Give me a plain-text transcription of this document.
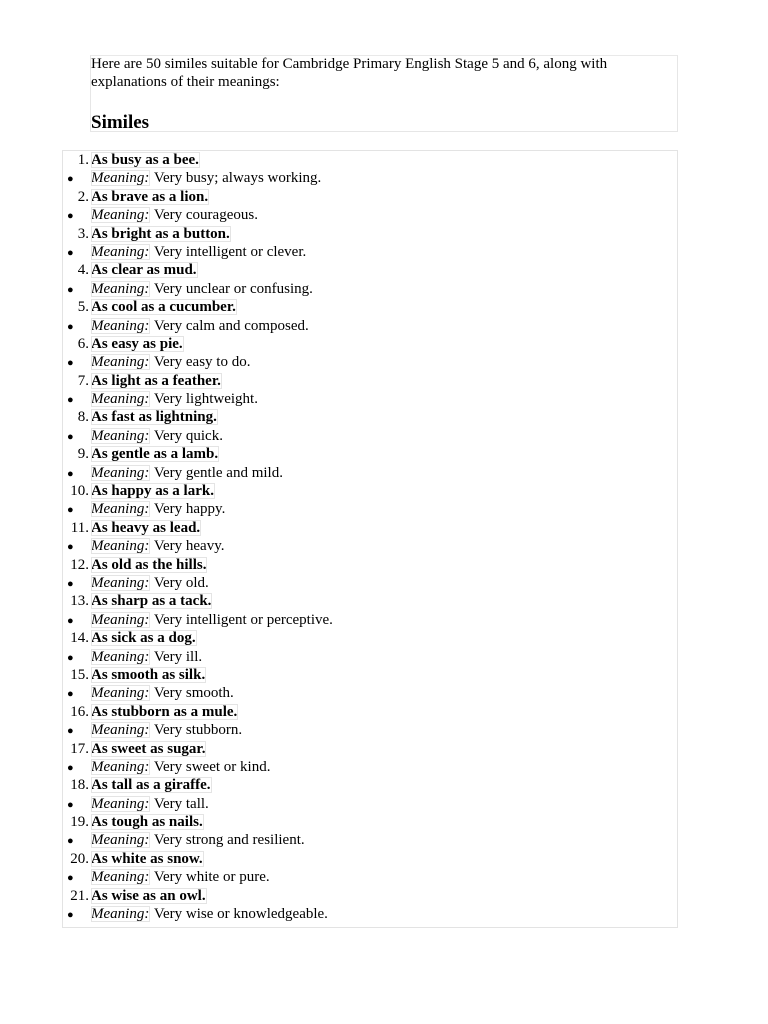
Here are 50 similes suitable for Cambridge Primary English Stage 5 and 6, along with explanations of their meanings:
Similes
1. As busy as a bee.
● Meaning: Very busy; always working.
2. As brave as a lion.
● Meaning: Very courageous.
3. As bright as a button.
● Meaning: Very intelligent or clever.
4. As clear as mud.
● Meaning: Very unclear or confusing.
5. As cool as a cucumber.
● Meaning: Very calm and composed.
6. As easy as pie.
● Meaning: Very easy to do.
7. As light as a feather.
● Meaning: Very lightweight.
8. As fast as lightning.
● Meaning: Very quick.
9. As gentle as a lamb.
● Meaning: Very gentle and mild.
10. As happy as a lark.
● Meaning: Very happy.
11. As heavy as lead.
● Meaning: Very heavy.
12. As old as the hills.
● Meaning: Very old.
13. As sharp as a tack.
● Meaning: Very intelligent or perceptive.
14. As sick as a dog.
● Meaning: Very ill.
15. As smooth as silk.
● Meaning: Very smooth.
16. As stubborn as a mule.
● Meaning: Very stubborn.
17. As sweet as sugar.
● Meaning: Very sweet or kind.
18. As tall as a giraffe.
● Meaning: Very tall.
19. As tough as nails.
● Meaning: Very strong and resilient.
20. As white as snow.
● Meaning: Very white or pure.
21. As wise as an owl.
● Meaning: Very wise or knowledgeable.
